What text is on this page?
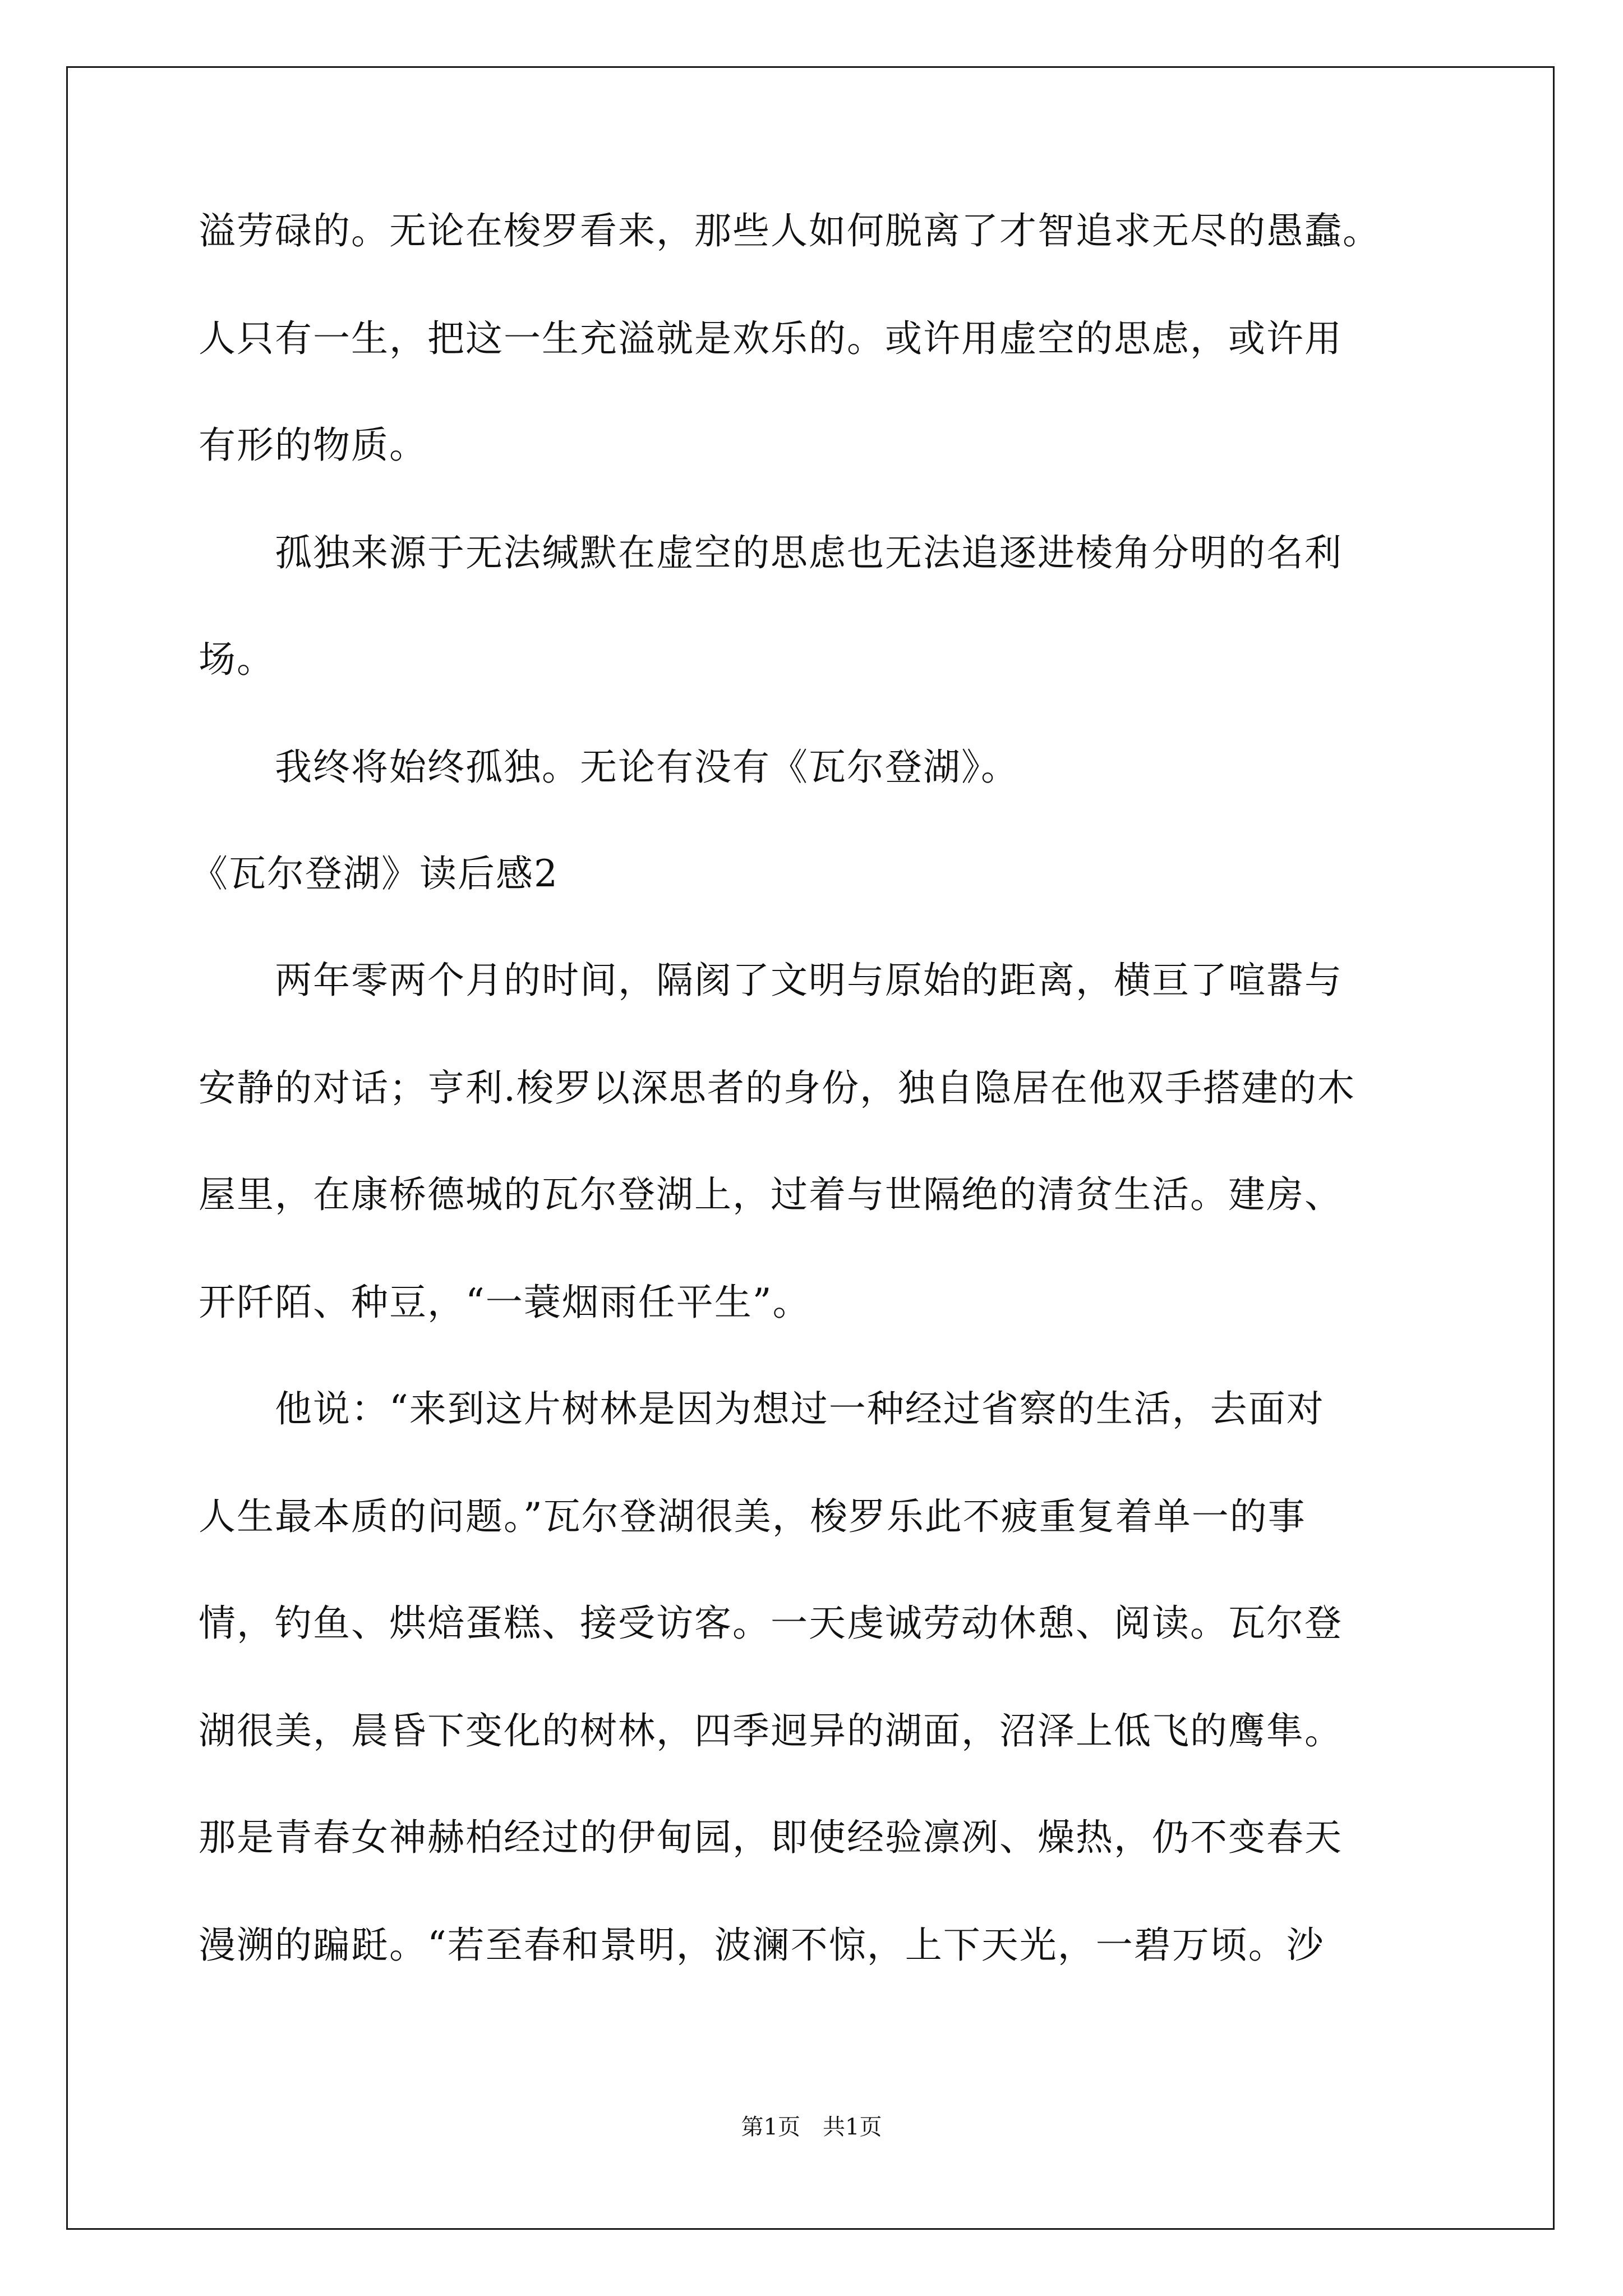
溢劳碌的。无论在梭罗看来，那些人如何脱离了才智追求无尽的愚蠢。
人只有一生，把这一生充溢就是欢乐的。或许用虚空的思虑，或许用
有形的物质。
　　孤独来源于无法缄默在虚空的思虑也无法追逐进棱角分明的名利
场。
　　我终将始终孤独。无论有没有《瓦尔登湖》。
《瓦尔登湖》读后感2
　　两年零两个月的时间，隔阂了文明与原始的距离，横亘了喧嚣与
安静的对话；亨利.梭罗以深思者的身份，独自隐居在他双手搭建的木
屋里，在康桥德城的瓦尔登湖上，过着与世隔绝的清贫生活。建房、
开阡陌、种豆，“一蓑烟雨任平生”。
　　他说：“来到这片树林是因为想过一种经过省察的生活，去面对
人生最本质的问题。”瓦尔登湖很美，梭罗乐此不疲重复着单一的事
情，钓鱼、烘焙蛋糕、接受访客。一天虔诚劳动休憩、阅读。瓦尔登
湖很美，晨昏下变化的树林，四季迥异的湖面，沼泽上低飞的鹰隼。
那是青春女神赫柏经过的伊甸园，即使经验凛冽、燥热，仍不变春天
漫溯的蹁跹。“若至春和景明，波澜不惊，上下天光，一碧万顷。沙
第1页　共1页
